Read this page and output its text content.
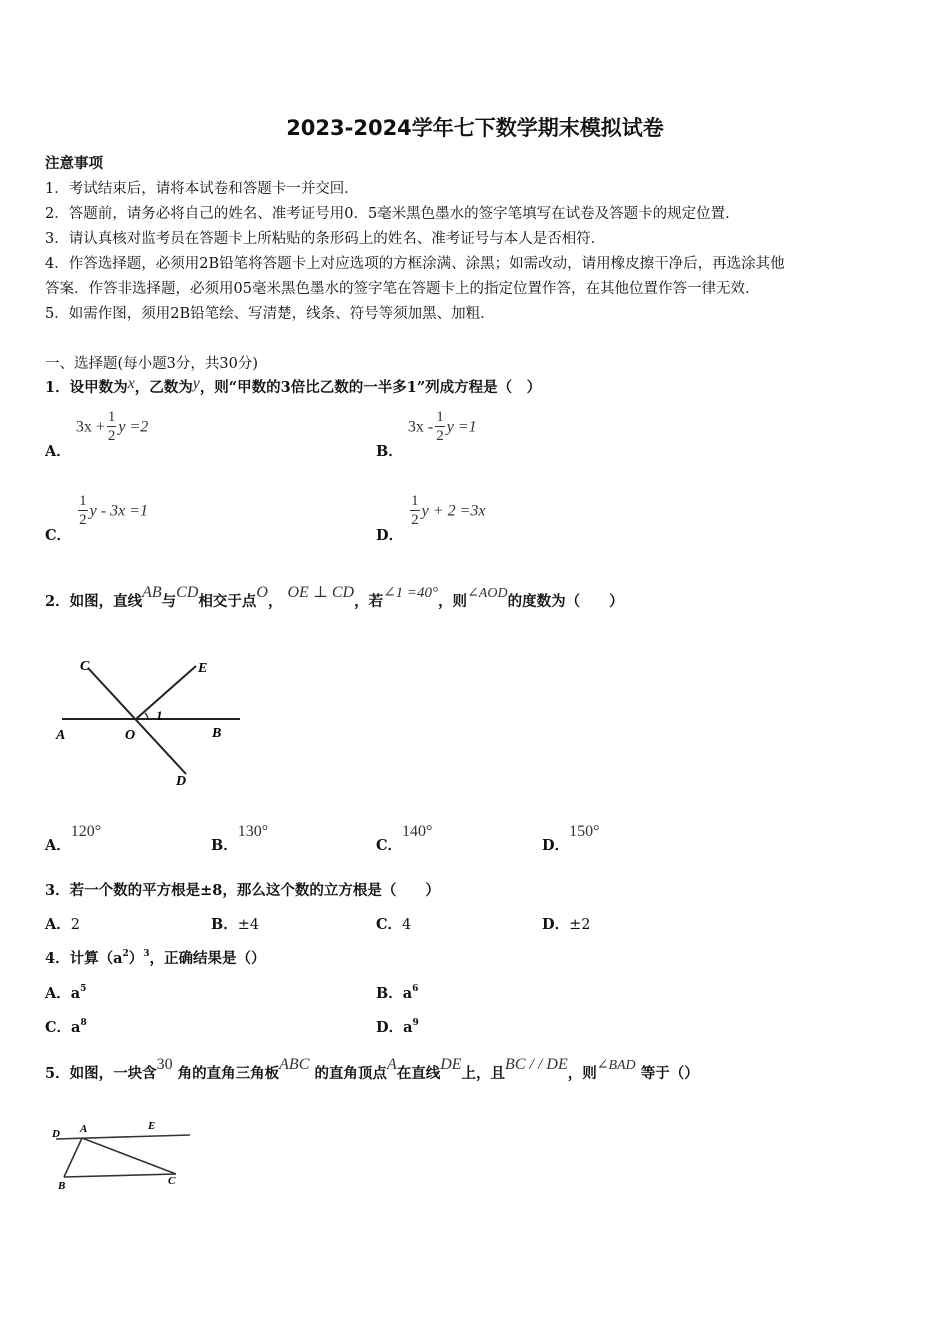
2023-2024学年七下数学期末模拟试卷
注意事项
1．考试结束后，请将本试卷和答题卡一并交回．
2．答题前，请务必将自己的姓名、准考证号用0．5毫米黑色墨水的签字笔填写在试卷及答题卡的规定位置．
3．请认真核对监考员在答题卡上所粘贴的条形码上的姓名、准考证号与本人是否相符．
4．作答选择题，必须用2B铅笔将答题卡上对应选项的方框涂满、涂黑；如需改动，请用橡皮擦干净后，再选涂其他
答案．作答非选择题，必须用05毫米黑色墨水的签字笔在答题卡上的指定位置作答，在其他位置作答一律无效．
5．如需作图，须用2B铅笔绘、写清楚，线条、符号等须加黑、加粗．
一、选择题(每小题3分，共30分)
1．设甲数为x，乙数为y，则“甲数的3倍比乙数的一半多1”列成方程是（　）
A． $3x + \frac{1}{2}$ y =2
B． $3x - \frac{1}{2}$ y =1
C．
$\frac{1}{2}$ y - 3x =1
D．
$\frac{1}{2}$ y + 2 =3x
2．如图，直线AB与CD相交于点O， OE ⊥ CD，若∠1 =40°，则∠AOD的度数为（　　）
C	E
1
A	O	B
D
A．120°
B．130°
C．140°
D．150°
3．若一个数的平方根是±8，那么这个数的立方根是（　　）
A．2	B．±4	C．4	D．±2
4．计算$(a^2)^3$，正确结果是（）
A．$a^5$	B．$a^6$
C．$a^8$	D．$a^9$
5．如图，一块含30 角的直角三角板ABC 的直角顶点A在直线DE上，且BC / / DE，则∠BAD 等于（）
D A	E
B	C
